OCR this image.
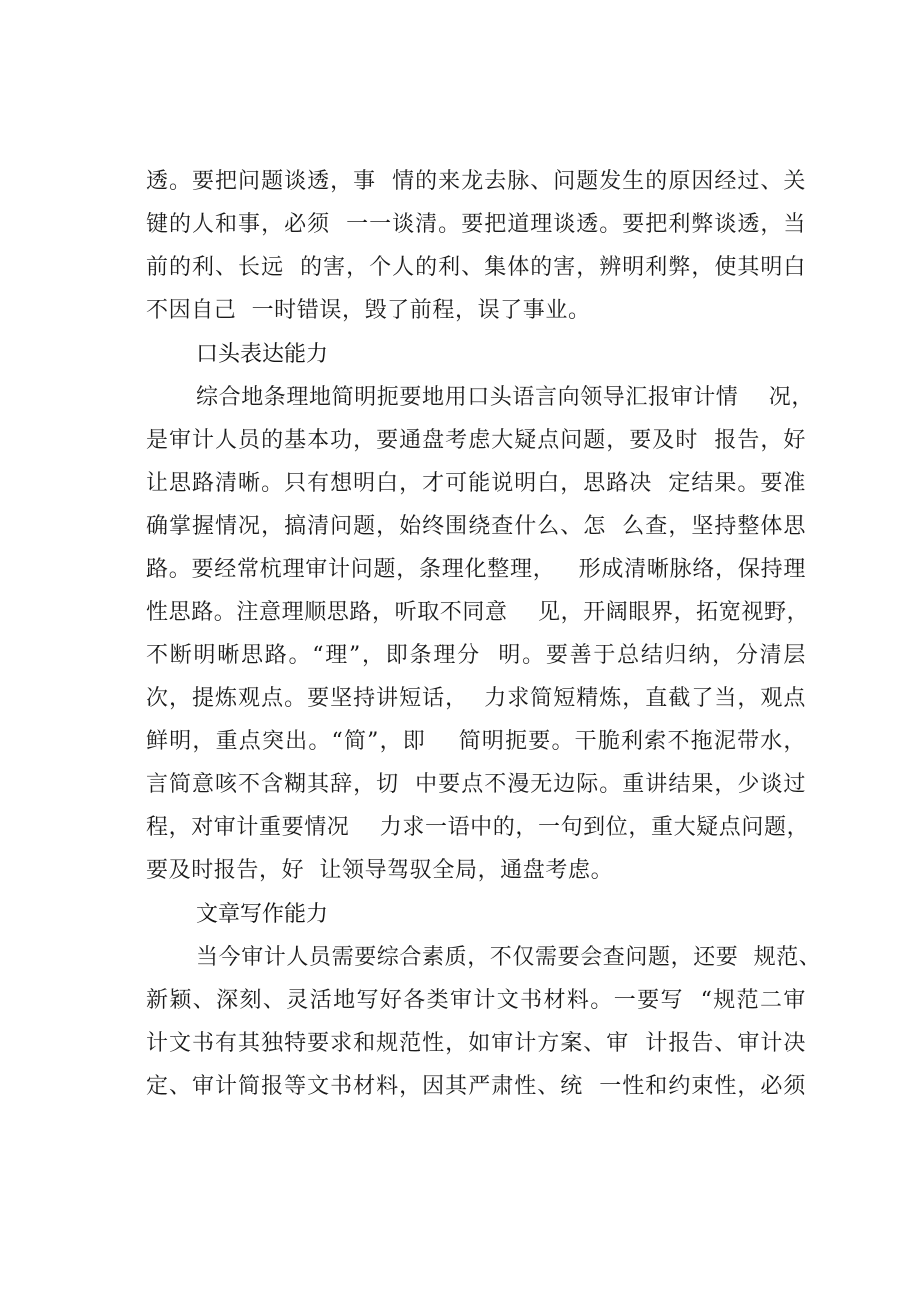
透。要把问题谈透，事  情的来龙去脉、问题发生的原因经过、关
键的人和事，必须  一一谈清。要把道理谈透。要把利弊谈透，当
前的利、长远  的害，个人的利、集体的害，辨明利弊，使其明白
不因自己  一时错误，毁了前程，误了事业。
口头表达能力
综合地条理地简明扼要地用口头语言向领导汇报审计情    况，
是审计人员的基本功，要通盘考虑大疑点问题，要及时  报告，好
让思路清晰。只有想明白，才可能说明白，思路决  定结果。要准
确掌握情况，搞清问题，始终围绕查什么、怎  么查，坚持整体思
路。要经常杭理审计问题，条理化整理，   形成清晰脉络，保持理
性思路。注意理顺思路，听取不同意    见，开阔眼界，拓宽视野，
不断明晰思路。“理”，即条理分  明。要善于总结归纳，分清层
次，提炼观点。要坚持讲短话，  力求简短精炼，直截了当，观点
鲜明，重点突出。“简”，即    简明扼要。干脆利索不拖泥带水，
言简意咳不含糊其辞，切  中要点不漫无边际。重讲结果，少谈过
程，对审计重要情况    力求一语中的，一句到位，重大疑点问题，
要及时报告，好  让领导驾驭全局，通盘考虑。
文章写作能力
当今审计人员需要综合素质，不仅需要会查问题，还要  规范、
新颖、深刻、灵活地写好各类审计文书材料。一要写  “规范二审
计文书有其独特要求和规范性，如审计方案、审  计报告、审计决
定、审计简报等文书材料，因其严肃性、统  一性和约束性，必须
